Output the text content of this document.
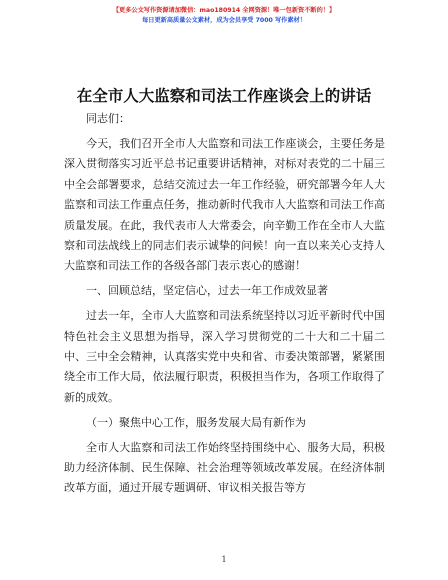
【更多公文写作资源请加微信：mao180914 全网资源！唯一包新资不断的！】
每日更新高质量公文素材，成为会员享受 7000 写作素材！
在全市人大监察和司法工作座谈会上的讲话

同志们：

今天，我们召开全市人大监察和司法工作座谈会，主要任务是深入贯彻落实习近平总书记重要讲话精神，对标对表党的二十届三中全会部署要求，总结交流过去一年工作经验，研究部署今年人大监察和司法工作重点任务，推动新时代我市人大监察和司法工作高质量发展。在此，我代表市人大常委会，向辛勤工作在全市人大监察和司法战线上的同志们表示诚挚的问候！向一直以来关心支持人大监察和司法工作的各级各部门表示衷心的感谢！

一、回顾总结，坚定信心，过去一年工作成效显著

过去一年，全市人大监察和司法系统坚持以习近平新时代中国特色社会主义思想为指导，深入学习贯彻党的二十大和二十届二中、三中全会精神，认真落实党中央和省、市委决策部署，紧紧围绕全市工作大局，依法履行职责，积极担当作为，各项工作取得了新的成效。

（一）聚焦中心工作，服务发展大局有新作为

全市人大监察和司法工作始终坚持围绕中心、服务大局，积极助力经济体制、民生保障、社会治理等领域改革发展。在经济体制改革方面，通过开展专题调研、审议相关报告等方

1
